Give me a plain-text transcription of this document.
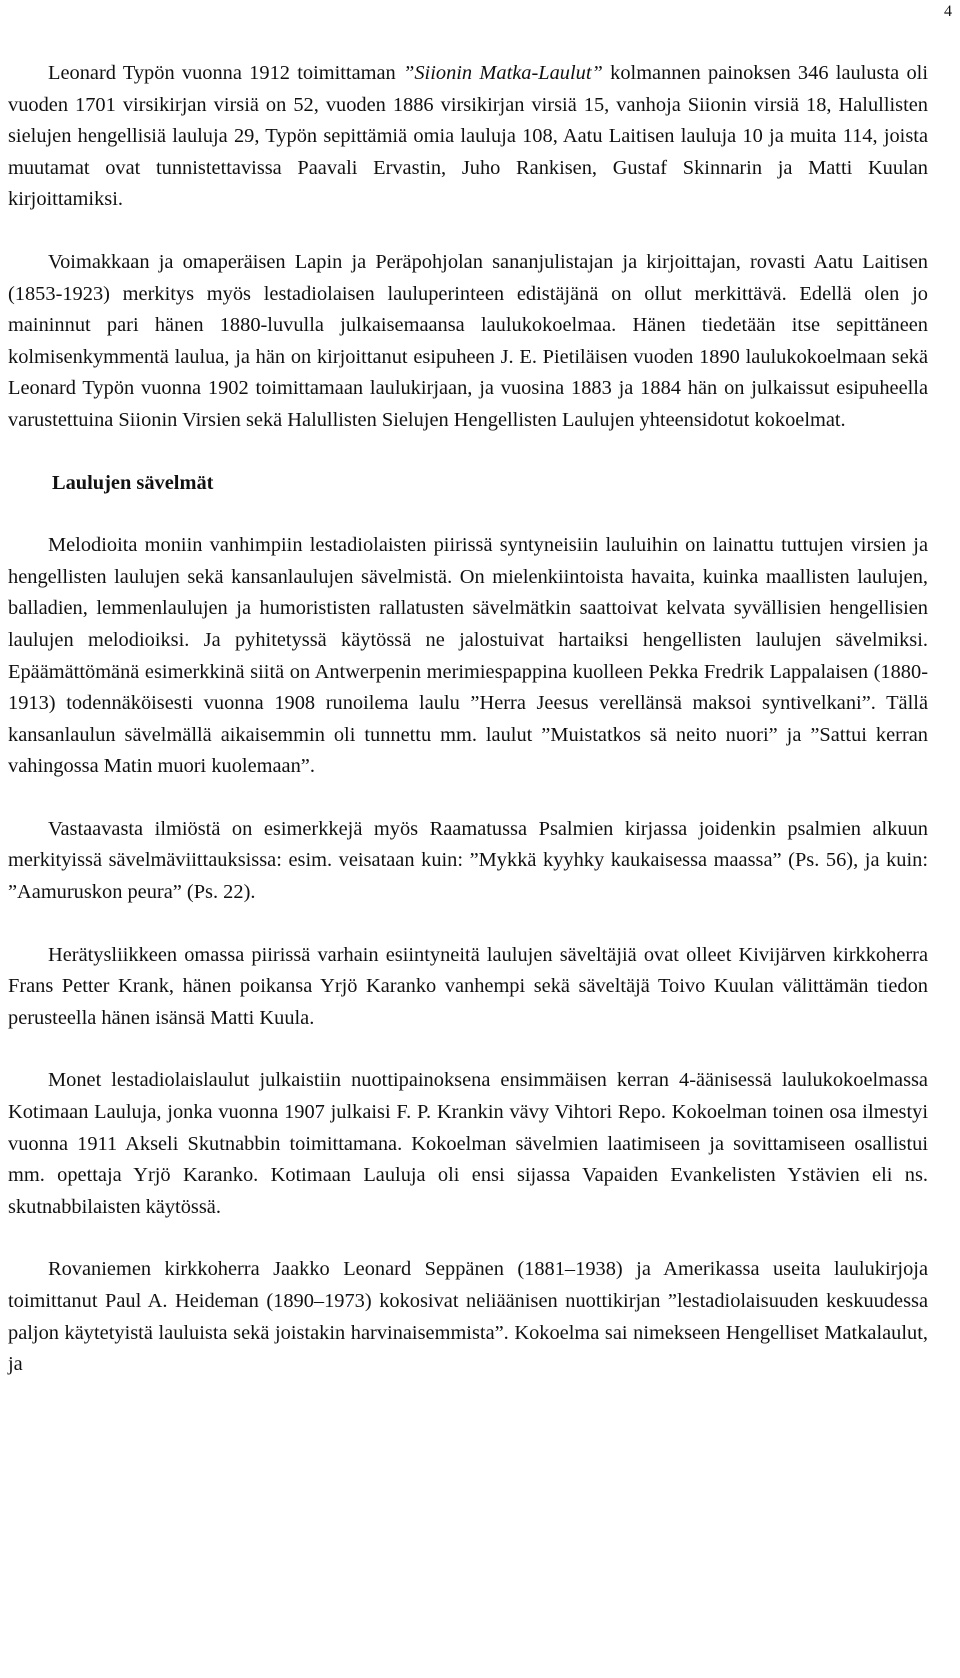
4

Leonard Typön vuonna 1912 toimittaman ”Siionin Matka-Laulut” kolmannen painoksen 346 laulusta oli vuoden 1701 virsikirjan virsiä on 52, vuoden 1886 virsikirjan virsiä 15, vanhoja Siionin virsiä 18, Halullisten sielujen hengellisiä lauluja 29, Typön sepittämiä omia lauluja 108, Aatu Laitisen lauluja 10 ja muita 114, joista muutamat ovat tunnistettavissa Paavali Ervastin, Juho Rankisen, Gustaf Skinnarin ja Matti Kuulan kirjoittamiksi.

Voimakkaan ja omaperäisen Lapin ja Peräpohjolan sananjulistajan ja kirjoittajan, rovasti Aatu Laitisen (1853-1923) merkitys myös lestadiolaisen lauluperinteen edistäjänä on ollut merkittävä. Edellä olen jo maininnut pari hänen 1880-luvulla julkaisemaansa laulukokoelmaa. Hänen tiedetään itse sepittäneen kolmisenkymmentä laulua, ja hän on kirjoittanut esipuheen J. E. Pietiläisen vuoden 1890 laulukokoelmaan sekä Leonard Typön vuonna 1902 toimittamaan laulukirjaan, ja vuosina 1883 ja 1884 hän on julkaissut esipuheella varustettuina Siionin Virsien sekä Halullisten Sielujen Hengellisten Laulujen yhteensidotut kokoelmat.

Laulujen sävelmät

Melodioita moniin vanhimpiin lestadiolaisten piirissä syntyneisiin lauluihin on lainattu tuttujen virsien ja hengellisten laulujen sekä kansanlaulujen sävelmistä. On mielenkiintoista havaita, kuinka maallisten laulujen, balladien, lemmenlaulujen ja humorististen rallatusten sävelmätkin saattoivat kelvata syvällisien hengellisien laulujen melodioiksi. Ja pyhitetyssä käytössä ne jalostuivat hartaiksi hengellisten laulujen sävelmiksi. Epäämättömänä esimerkkinä siitä on Antwerpenin merimiespappina kuolleen Pekka Fredrik Lappalaisen (1880-1913) todennäköisesti vuonna 1908 runoilema laulu ”Herra Jeesus verellänsä maksoi syntivelkani”. Tällä kansanlaulun sävelmällä aikaisemmin oli tunnettu mm. laulut ”Muistatkos sä neito nuori” ja ”Sattui kerran vahingossa Matin muori kuolemaan”.

Vastaavasta ilmiöstä on esimerkkejä myös Raamatussa Psalmien kirjassa joidenkin psalmien alkuun merkityissä sävelmäviittauksissa: esim. veisataan kuin: ”Mykkä kyyhky kaukaisessa maassa” (Ps. 56), ja kuin: ”Aamuruskon peura” (Ps. 22).

Herätysliikkeen omassa piirissä varhain esiintyneitä laulujen säveltäjiä ovat olleet Kivijärven kirkkoherra Frans Petter Krank, hänen poikansa Yrjö Karanko vanhempi sekä säveltäjä Toivo Kuulan välittämän tiedon perusteella hänen isänsä Matti Kuula.

Monet lestadiolaislaulut julkaistiin nuottipainoksena ensimmäisen kerran 4-äänisessä laulukokoelmassa Kotimaan Lauluja, jonka vuonna 1907 julkaisi F. P. Krankin vävy Vihtori Repo. Kokoelman toinen osa ilmestyi vuonna 1911 Akseli Skutnabbin toimittamana. Kokoelman sävelmien laatimiseen ja sovittamiseen osallistui mm. opettaja Yrjö Karanko. Kotimaan Lauluja oli ensi sijassa Vapaiden Evankelisten Ystävien eli ns. skutnabbilaisten käytössä.

Rovaniemen kirkkoherra Jaakko Leonard Seppänen (1881–1938) ja Amerikassa useita laulukirjoja toimittanut Paul A. Heideman (1890–1973) kokosivat neliäänisen nuottikirjan ”lestadiolaisuuden keskuudessa paljon käytetyistä lauluista sekä joistakin harvinaisemmista”. Kokoelma sai nimekseen Hengelliset Matkalaulut, ja
